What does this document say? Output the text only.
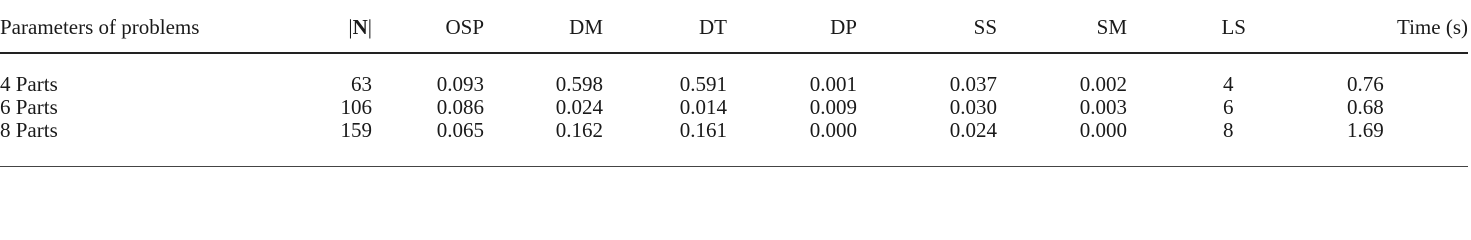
Parameters of problems	|N|	OSP	DM	DT	DP	SS	SM	LS	Time (s)

4 Parts	63	0.093	0.598	0.591	0.001	0.037	0.002	4	0.76
6 Parts	106	0.086	0.024	0.014	0.009	0.030	0.003	6	0.68
8 Parts	159	0.065	0.162	0.161	0.000	0.024	0.000	8	1.69
